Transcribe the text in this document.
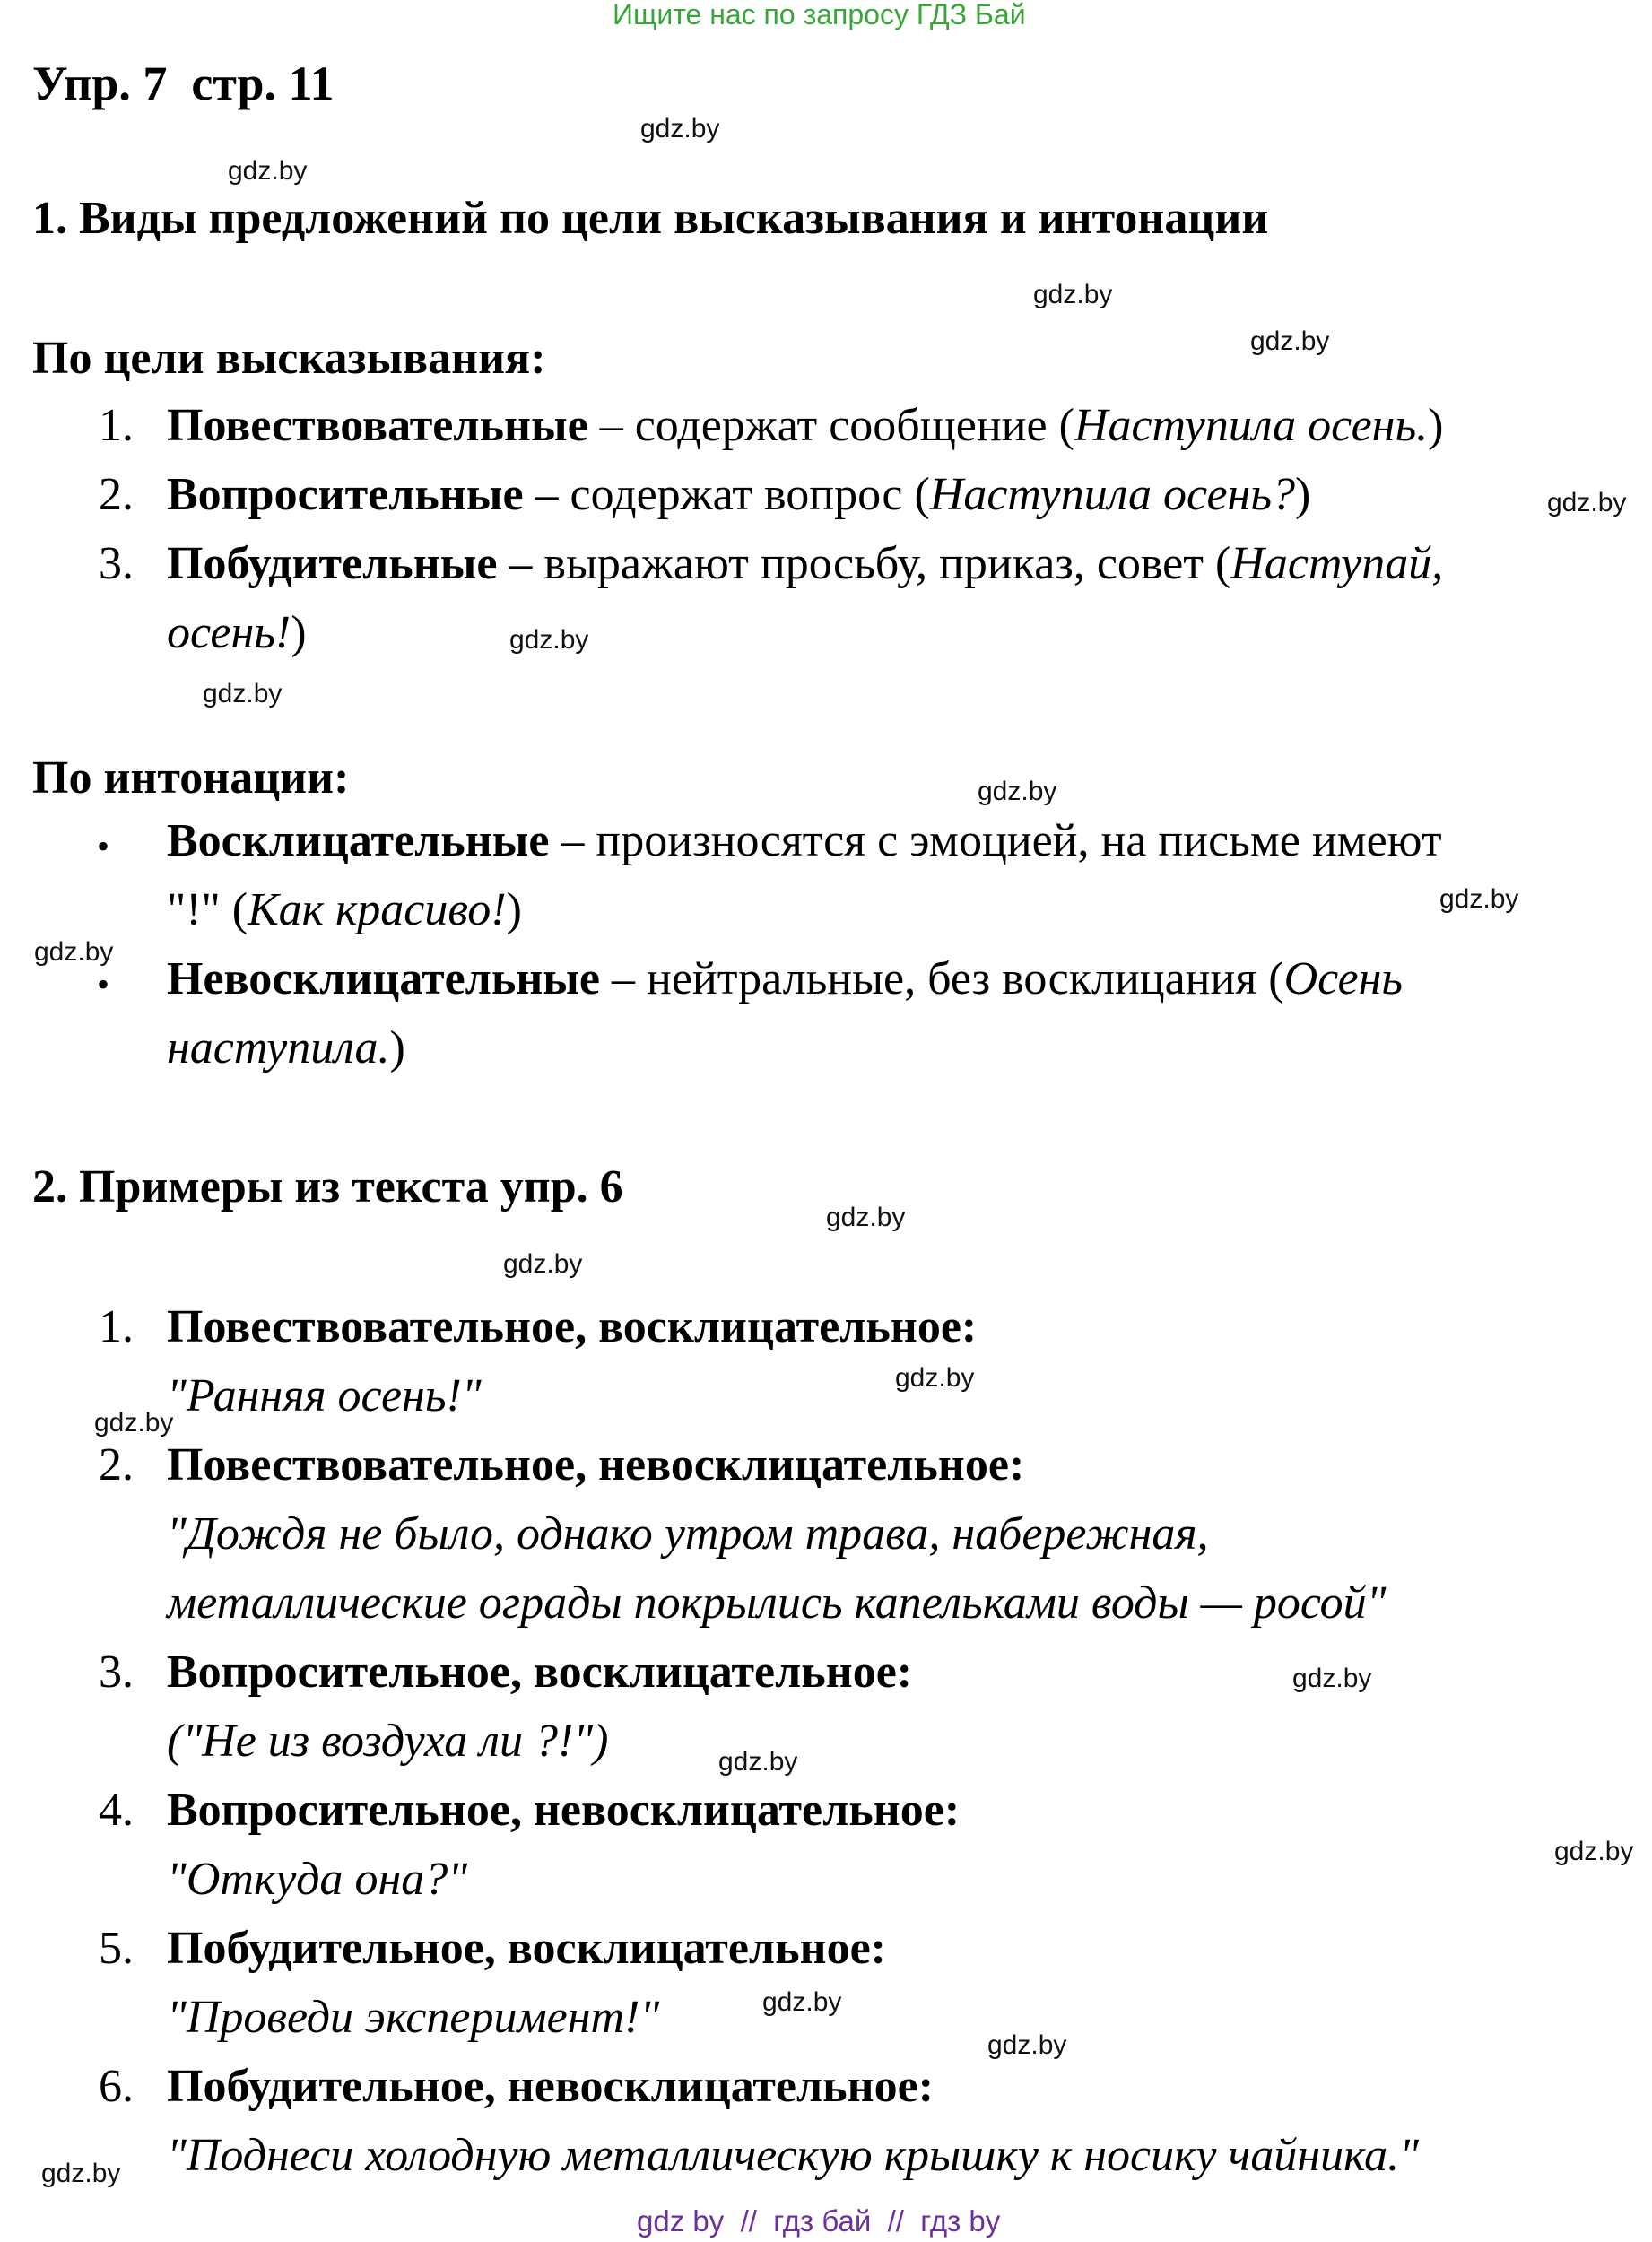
Ищите нас по запросу ГДЗ Бай
Упр. 7  стр. 11
1. Виды предложений по цели высказывания и интонации
По цели высказывания:
1. Повествовательные – содержат сообщение (Наступила осень.)
2. Вопросительные – содержат вопрос (Наступила осень?)
3. Побудительные – выражают просьбу, приказ, совет (Наступай,
осень!)
По интонации:
• Восклицательные – произносятся с эмоцией, на письме имеют
"!" (Как красиво!)
• Невосклицательные – нейтральные, без восклицания (Осень
наступила.)
2. Примеры из текста упр. 6
1. Повествовательное, восклицательное:
"Ранняя осень!"
2. Повествовательное, невосклицательное:
"Дождя не было, однако утром трава, набережная,
металлические ограды покрылись капельками воды — росой"
3. Вопросительное, восклицательное:
("Не из воздуха ли ?!")
4. Вопросительное, невосклицательное:
"Откуда она?"
5. Побудительное, восклицательное:
"Проведи эксперимент!"
6. Побудительное, невосклицательное:
"Поднеси холодную металлическую крышку к носику чайника."
gdz.by
gdz.by
gdz.by
gdz.by
gdz.by
gdz.by
gdz.by
gdz.by
gdz.by
gdz.by
gdz.by
gdz.by
gdz.by
gdz.by
gdz.by
gdz.by
gdz.by
gdz.by
gdz.by
gdz.by
gdz by  //  гдз бай  //  гдз by
